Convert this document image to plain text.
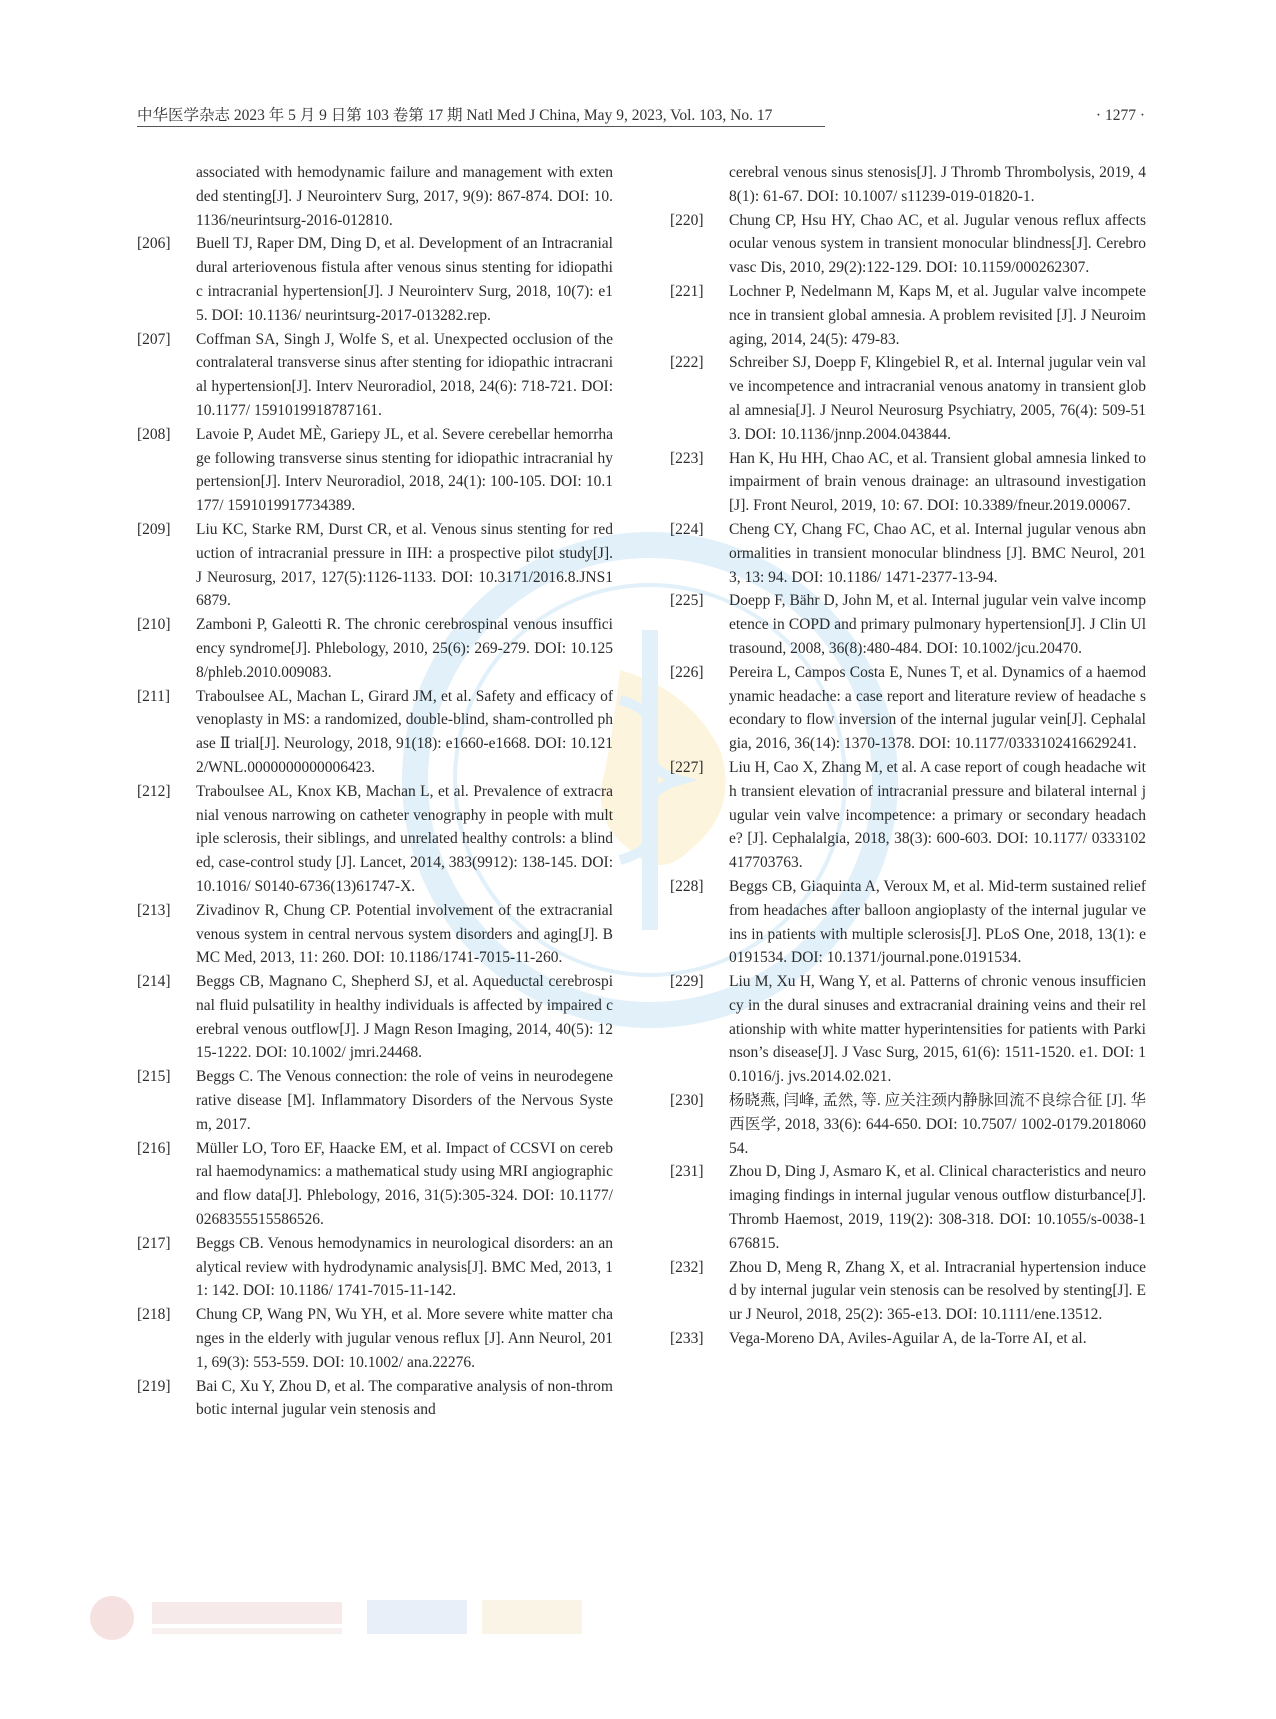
中华医学杂志 2023 年 5 月 9 日第 103 卷第 17 期 Natl Med J China, May 9, 2023, Vol. 103, No. 17	· 1277 ·
associated with hemodynamic failure and management with extended stenting[J]. J Neurointerv Surg, 2017, 9(9): 867-874. DOI: 10.1136/neurintsurg-2016-012810.
[206] Buell TJ, Raper DM, Ding D, et al. Development of an Intracranial dural arteriovenous fistula after venous sinus stenting for idiopathic intracranial hypertension[J]. J Neurointerv Surg, 2018, 10(7): e15. DOI: 10.1136/ neurintsurg-2017-013282.rep.
[207] Coffman SA, Singh J, Wolfe S, et al. Unexpected occlusion of the contralateral transverse sinus after stenting for idiopathic intracranial hypertension[J]. Interv Neuroradiol, 2018, 24(6): 718-721. DOI: 10.1177/ 1591019918787161.
[208] Lavoie P, Audet MÈ, Gariepy JL, et al. Severe cerebellar hemorrhage following transverse sinus stenting for idiopathic intracranial hypertension[J]. Interv Neuroradiol, 2018, 24(1): 100-105. DOI: 10.1177/ 1591019917734389.
[209] Liu KC, Starke RM, Durst CR, et al. Venous sinus stenting for reduction of intracranial pressure in IIH: a prospective pilot study[J]. J Neurosurg, 2017, 127(5):1126-1133. DOI: 10.3171/2016.8.JNS16879.
[210] Zamboni P, Galeotti R. The chronic cerebrospinal venous insufficiency syndrome[J]. Phlebology, 2010, 25(6): 269-279. DOI: 10.1258/phleb.2010.009083.
[211] Traboulsee AL, Machan L, Girard JM, et al. Safety and efficacy of venoplasty in MS: a randomized, double-blind, sham-controlled phase Ⅱ trial[J]. Neurology, 2018, 91(18): e1660-e1668. DOI: 10.1212/WNL.0000000000006423.
[212] Traboulsee AL, Knox KB, Machan L, et al. Prevalence of extracranial venous narrowing on catheter venography in people with multiple sclerosis, their siblings, and unrelated healthy controls: a blinded, case-control study [J]. Lancet, 2014, 383(9912): 138-145. DOI: 10.1016/ S0140-6736(13)61747-X.
[213] Zivadinov R, Chung CP. Potential involvement of the extracranial venous system in central nervous system disorders and aging[J]. BMC Med, 2013, 11: 260. DOI: 10.1186/1741-7015-11-260.
[214] Beggs CB, Magnano C, Shepherd SJ, et al. Aqueductal cerebrospinal fluid pulsatility in healthy individuals is affected by impaired cerebral venous outflow[J]. J Magn Reson Imaging, 2014, 40(5): 1215-1222. DOI: 10.1002/ jmri.24468.
[215] Beggs C. The Venous connection: the role of veins in neurodegenerative disease [M]. Inflammatory Disorders of the Nervous System, 2017.
[216] Müller LO, Toro EF, Haacke EM, et al. Impact of CCSVI on cerebral haemodynamics: a mathematical study using MRI angiographic and flow data[J]. Phlebology, 2016, 31(5):305-324. DOI: 10.1177/0268355515586526.
[217] Beggs CB. Venous hemodynamics in neurological disorders: an analytical review with hydrodynamic analysis[J]. BMC Med, 2013, 11: 142. DOI: 10.1186/ 1741-7015-11-142.
[218] Chung CP, Wang PN, Wu YH, et al. More severe white matter changes in the elderly with jugular venous reflux [J]. Ann Neurol, 2011, 69(3): 553-559. DOI: 10.1002/ ana.22276.
[219] Bai C, Xu Y, Zhou D, et al. The comparative analysis of non-thrombotic internal jugular vein stenosis and
cerebral venous sinus stenosis[J]. J Thromb Thrombolysis, 2019, 48(1): 61-67. DOI: 10.1007/ s11239-019-01820-1.
[220] Chung CP, Hsu HY, Chao AC, et al. Jugular venous reflux affects ocular venous system in transient monocular blindness[J]. Cerebrovasc Dis, 2010, 29(2):122-129. DOI: 10.1159/000262307.
[221] Lochner P, Nedelmann M, Kaps M, et al. Jugular valve incompetence in transient global amnesia. A problem revisited [J]. J Neuroimaging, 2014, 24(5): 479-83.
[222] Schreiber SJ, Doepp F, Klingebiel R, et al. Internal jugular vein valve incompetence and intracranial venous anatomy in transient global amnesia[J]. J Neurol Neurosurg Psychiatry, 2005, 76(4): 509-513. DOI: 10.1136/jnnp.2004.043844.
[223] Han K, Hu HH, Chao AC, et al. Transient global amnesia linked to impairment of brain venous drainage: an ultrasound investigation[J]. Front Neurol, 2019, 10: 67. DOI: 10.3389/fneur.2019.00067.
[224] Cheng CY, Chang FC, Chao AC, et al. Internal jugular venous abnormalities in transient monocular blindness [J]. BMC Neurol, 2013, 13: 94. DOI: 10.1186/ 1471-2377-13-94.
[225] Doepp F, Bähr D, John M, et al. Internal jugular vein valve incompetence in COPD and primary pulmonary hypertension[J]. J Clin Ultrasound, 2008, 36(8):480-484. DOI: 10.1002/jcu.20470.
[226] Pereira L, Campos Costa E, Nunes T, et al. Dynamics of a haemodynamic headache: a case report and literature review of headache secondary to flow inversion of the internal jugular vein[J]. Cephalalgia, 2016, 36(14): 1370-1378. DOI: 10.1177/0333102416629241.
[227] Liu H, Cao X, Zhang M, et al. A case report of cough headache with transient elevation of intracranial pressure and bilateral internal jugular vein valve incompetence: a primary or secondary headache? [J]. Cephalalgia, 2018, 38(3): 600-603. DOI: 10.1177/ 0333102417703763.
[228] Beggs CB, Giaquinta A, Veroux M, et al. Mid-term sustained relief from headaches after balloon angioplasty of the internal jugular veins in patients with multiple sclerosis[J]. PLoS One, 2018, 13(1): e0191534. DOI: 10.1371/journal.pone.0191534.
[229] Liu M, Xu H, Wang Y, et al. Patterns of chronic venous insufficiency in the dural sinuses and extracranial draining veins and their relationship with white matter hyperintensities for patients with Parkinson’s disease[J]. J Vasc Surg, 2015, 61(6): 1511-1520. e1. DOI: 10.1016/j. jvs.2014.02.021.
[230] 杨晓燕, 闫峰, 孟然, 等. 应关注颈内静脉回流不良综合征 [J]. 华西医学, 2018, 33(6): 644-650. DOI: 10.7507/ 1002-0179.201806054.
[231] Zhou D, Ding J, Asmaro K, et al. Clinical characteristics and neuroimaging findings in internal jugular venous outflow disturbance[J]. Thromb Haemost, 2019, 119(2): 308-318. DOI: 10.1055/s-0038-1676815.
[232] Zhou D, Meng R, Zhang X, et al. Intracranial hypertension induced by internal jugular vein stenosis can be resolved by stenting[J]. Eur J Neurol, 2018, 25(2): 365-e13. DOI: 10.1111/ene.13512.
[233] Vega-Moreno DA, Aviles-Aguilar A, de la-Torre AI, et al.
